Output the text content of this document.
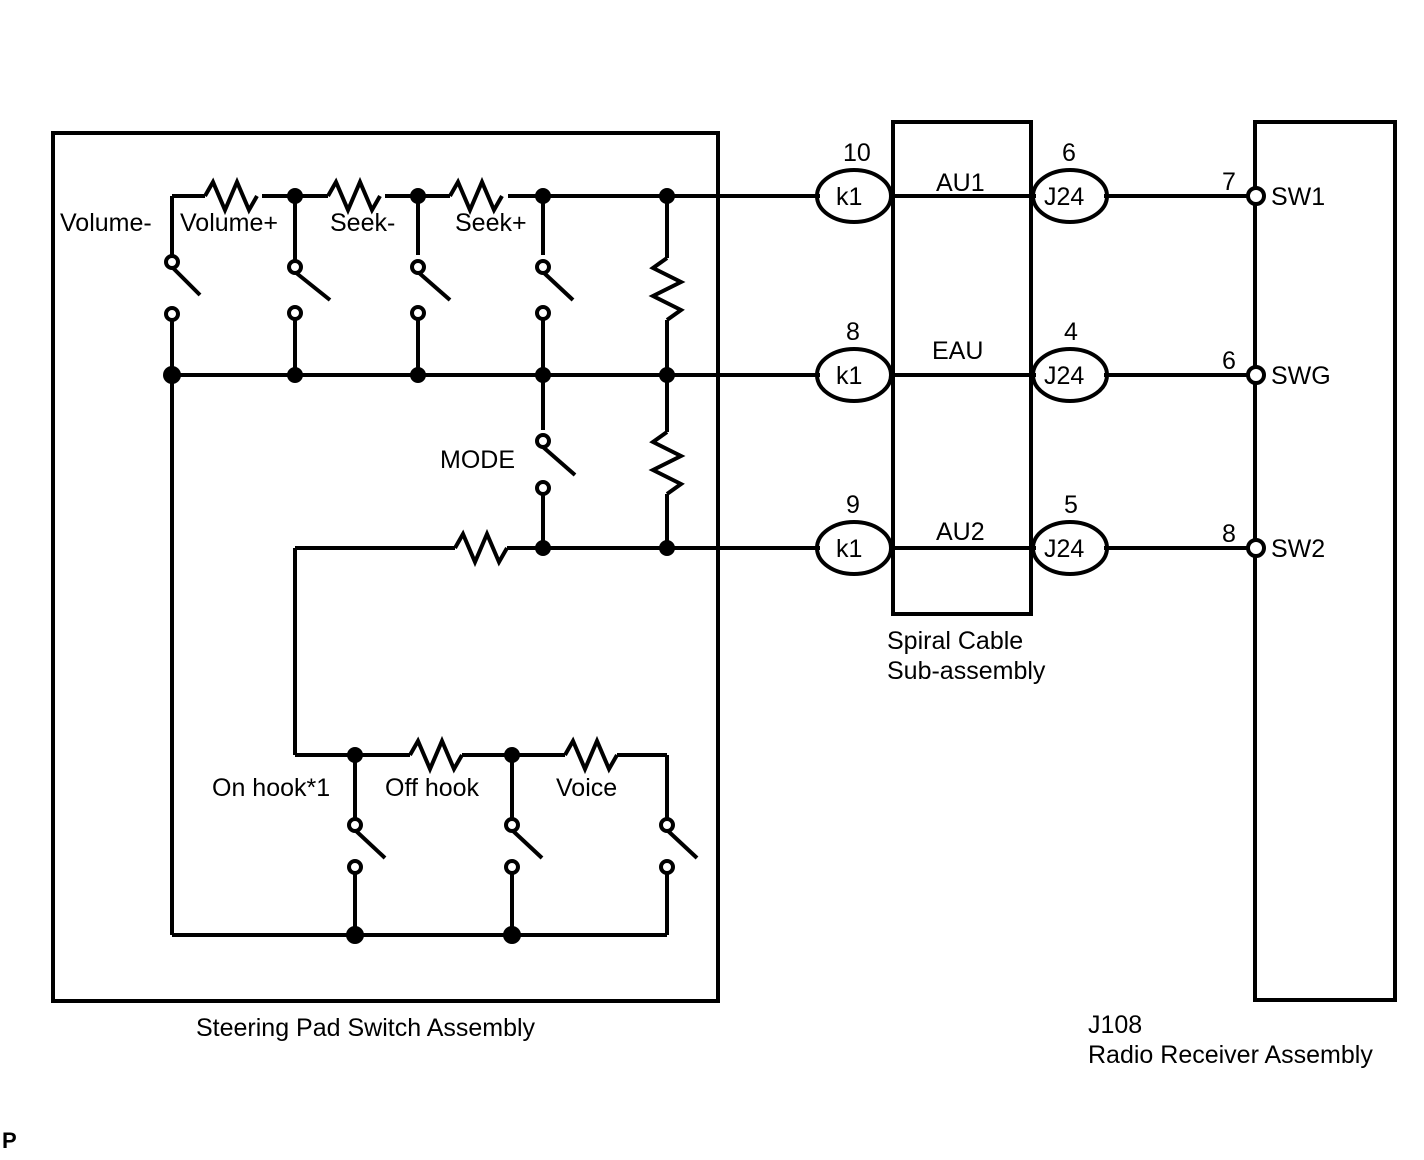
Volume- Volume+ Seek- Seek+
MODE
On hook*1 Off hook	Voice
10
k1	AU1
6
J24
7
SW1
8
k1
EAU
4
J24
6
SWG
9
k1
AU2
5
J24
8
SW2
Steering Pad Switch Assembly
Spiral Cable
Sub-assembly
J108
Radio Receiver Assembly
P
